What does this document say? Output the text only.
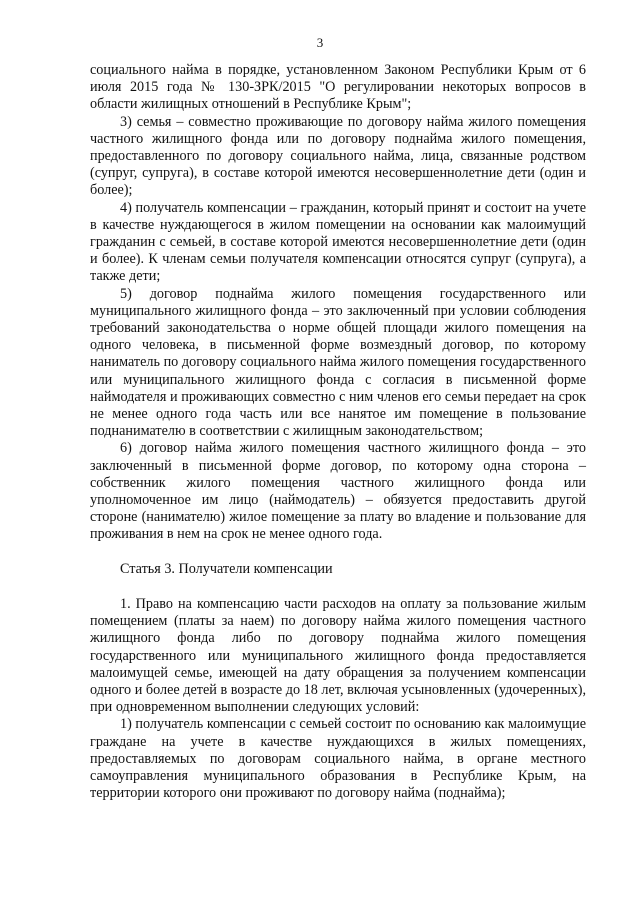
3

социального найма в порядке, установленном Законом Республики Крым от 6 июля 2015 года № 130-ЗРК/2015 "О регулировании некоторых вопросов в области жилищных отношений в Республике Крым";

3) семья – совместно проживающие по договору найма жилого помещения частного жилищного фонда или по договору поднайма жилого помещения, предоставленного по договору социального найма, лица, связанные родством (супруг, супруга), в составе которой имеются несовершеннолетние дети (один и более);

4) получатель компенсации – гражданин, который принят и состоит на учете в качестве нуждающегося в жилом помещении на основании как малоимущий гражданин с семьей, в составе которой имеются несовершеннолетние дети (один и более). К членам семьи получателя компенсации относятся супруг (супруга), а также дети;

5) договор поднайма жилого помещения государственного или муниципального жилищного фонда – это заключенный при условии соблюдения требований законодательства о норме общей площади жилого помещения на одного человека, в письменной форме возмездный договор, по которому наниматель по договору социального найма жилого помещения государственного или муниципального жилищного фонда с согласия в письменной форме наймодателя и проживающих совместно с ним членов его семьи передает на срок не менее одного года часть или все нанятое им помещение в пользование поднанимателю в соответствии с жилищным законодательством;

6) договор найма жилого помещения частного жилищного фонда – это заключенный в письменной форме договор, по которому одна сторона – собственник жилого помещения частного жилищного фонда или уполномоченное им лицо (наймодатель) – обязуется предоставить другой стороне (нанимателю) жилое помещение за плату во владение и пользование для проживания в нем на срок не менее одного года.

Статья 3. Получатели компенсации

1. Право на компенсацию части расходов на оплату за пользование жилым помещением (платы за наем) по договору найма жилого помещения частного жилищного фонда либо по договору поднайма жилого помещения государственного или муниципального жилищного фонда предоставляется малоимущей семье, имеющей на дату обращения за получением компенсации одного и более детей в возрасте до 18 лет, включая усыновленных (удочеренных), при одновременном выполнении следующих условий:

1) получатель компенсации с семьей состоит по основанию как малоимущие граждане на учете в качестве нуждающихся в жилых помещениях, предоставляемых по договорам социального найма, в органе местного самоуправления муниципального образования в Республике Крым, на территории которого они проживают по договору найма (поднайма);
